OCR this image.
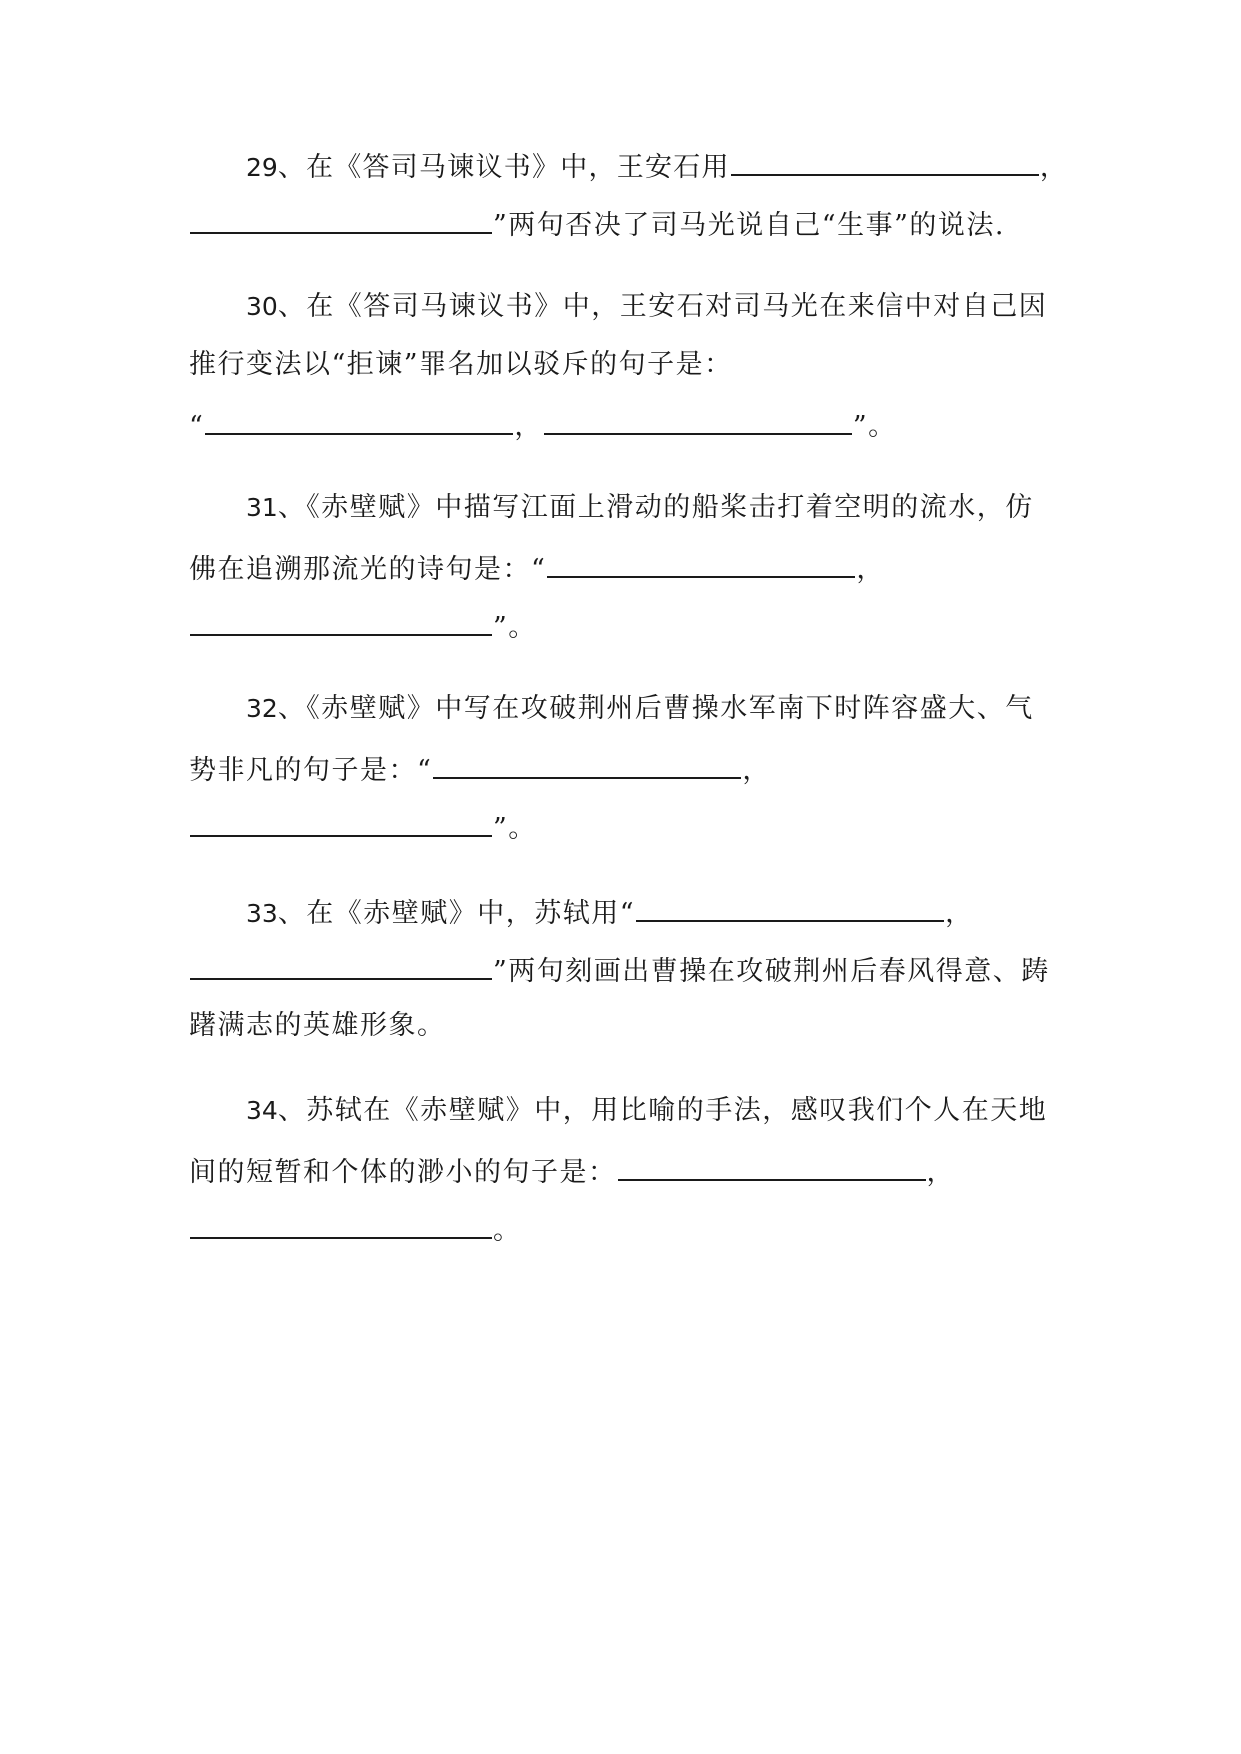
29、在《答司马谏议书》中，王安石用	，
”两句否决了司马光说自己“生事”的说法.
30、在《答司马谏议书》中，王安石对司马光在来信中对自己因
推行变法以“拒谏”罪名加以驳斥的句子是：
“	，	”。
31、《赤壁赋》中描写江面上滑动的船桨击打着空明的流水，仿
佛在追溯那流光的诗句是：“	，
”。
32、《赤壁赋》中写在攻破荆州后曹操水军南下时阵容盛大、气
势非凡的句子是：“	，
”。
33、在《赤壁赋》中，苏轼用“	，
”两句刻画出曹操在攻破荆州后春风得意、踌
躇满志的英雄形象。
34、苏轼在《赤壁赋》中，用比喻的手法，感叹我们个人在天地
间的短暂和个体的渺小的句子是：	，
。
